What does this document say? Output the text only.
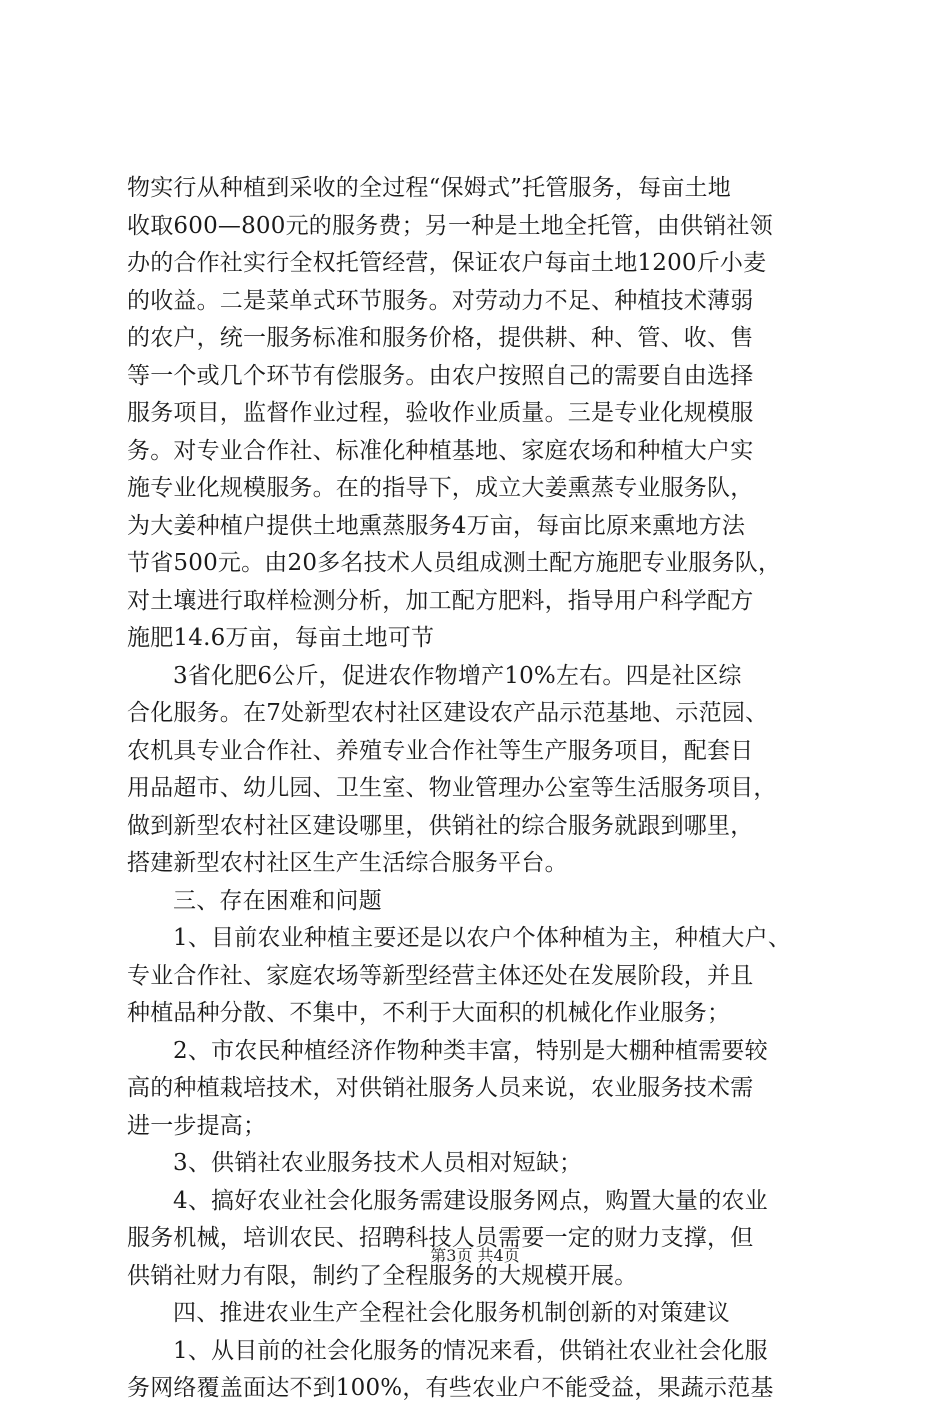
物实行从种植到采收的全过程“保姆式”托管服务，每亩土地
收取600—800元的服务费；另一种是土地全托管，由供销社领
办的合作社实行全权托管经营，保证农户每亩土地1200斤小麦
的收益。二是菜单式环节服务。对劳动力不足、种植技术薄弱
的农户，统一服务标准和服务价格，提供耕、种、管、收、售
等一个或几个环节有偿服务。由农户按照自己的需要自由选择
服务项目，监督作业过程，验收作业质量。三是专业化规模服
务。对专业合作社、标准化种植基地、家庭农场和种植大户实
施专业化规模服务。在的指导下，成立大姜熏蒸专业服务队，
为大姜种植户提供土地熏蒸服务4万亩，每亩比原来熏地方法
节省500元。由20多名技术人员组成测土配方施肥专业服务队，
对土壤进行取样检测分析，加工配方肥料，指导用户科学配方
施肥14.6万亩，每亩土地可节
3省化肥6公斤，促进农作物增产10%左右。四是社区综
合化服务。在7处新型农村社区建设农产品示范基地、示范园、
农机具专业合作社、养殖专业合作社等生产服务项目，配套日
用品超市、幼儿园、卫生室、物业管理办公室等生活服务项目，
做到新型农村社区建设哪里，供销社的综合服务就跟到哪里，
搭建新型农村社区生产生活综合服务平台。
三、存在困难和问题
1、目前农业种植主要还是以农户个体种植为主，种植大户、
专业合作社、家庭农场等新型经营主体还处在发展阶段，并且
种植品种分散、不集中，不利于大面积的机械化作业服务；
2、市农民种植经济作物种类丰富，特别是大棚种植需要较
高的种植栽培技术，对供销社服务人员来说，农业服务技术需
进一步提高；
3、供销社农业服务技术人员相对短缺；
4、搞好农业社会化服务需建设服务网点，购置大量的农业
服务机械，培训农民、招聘科技人员需要一定的财力支撑，但
供销社财力有限，制约了全程服务的大规模开展。
四、推进农业生产全程社会化服务机制创新的对策建议
1、从目前的社会化服务的情况来看，供销社农业社会化服
务网络覆盖面达不到100%，有些农业户不能受益，果蔬示范基
第3页 共4页
